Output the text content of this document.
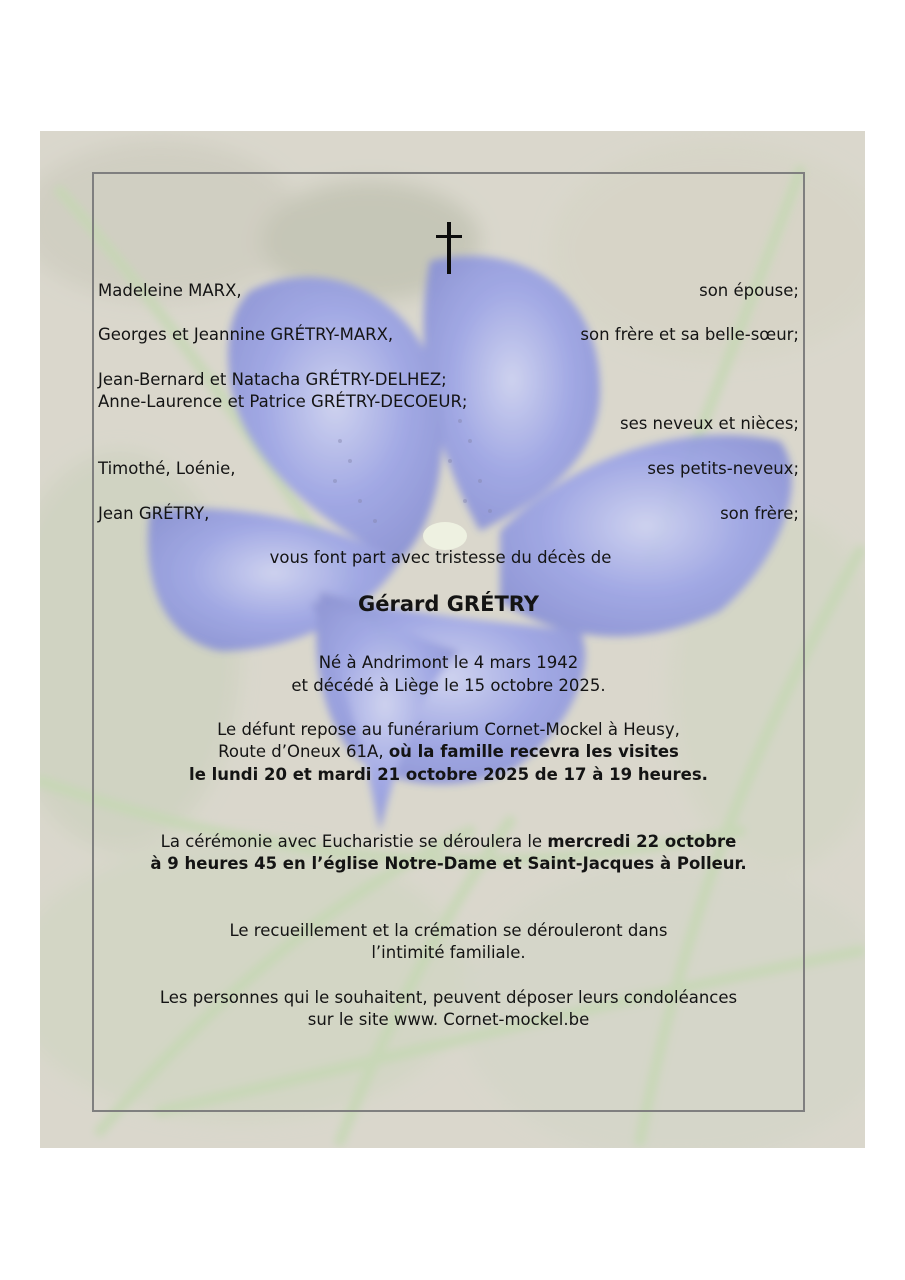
Madeleine MARX,	son épouse;
Georges et Jeannine GRÉTRY-MARX,	son frère et sa belle-sœur;
Jean-Bernard et Natacha GRÉTRY-DELHEZ;
Anne-Laurence et Patrice GRÉTRY-DECOEUR;
ses neveux et nièces;
Timothé, Loénie,	ses petits-neveux;
Jean GRÉTRY,	son frère;
vous font part avec tristesse du décès de
Gérard GRÉTRY
Né à Andrimont le 4 mars 1942
et décédé à Liège le 15 octobre 2025.
Le défunt repose au funérarium Cornet-Mockel à Heusy,
Route d’Oneux 61A, où la famille recevra les visites
le lundi 20 et mardi 21 octobre 2025 de 17 à 19 heures.
La cérémonie avec Eucharistie se déroulera le mercredi 22 octobre
à 9 heures 45 en l’église Notre-Dame et Saint-Jacques à Polleur.
Le recueillement et la crémation se dérouleront dans
l’intimité familiale.
Les personnes qui le souhaitent, peuvent déposer leurs condoléances
sur le site www. Cornet-mockel.be
